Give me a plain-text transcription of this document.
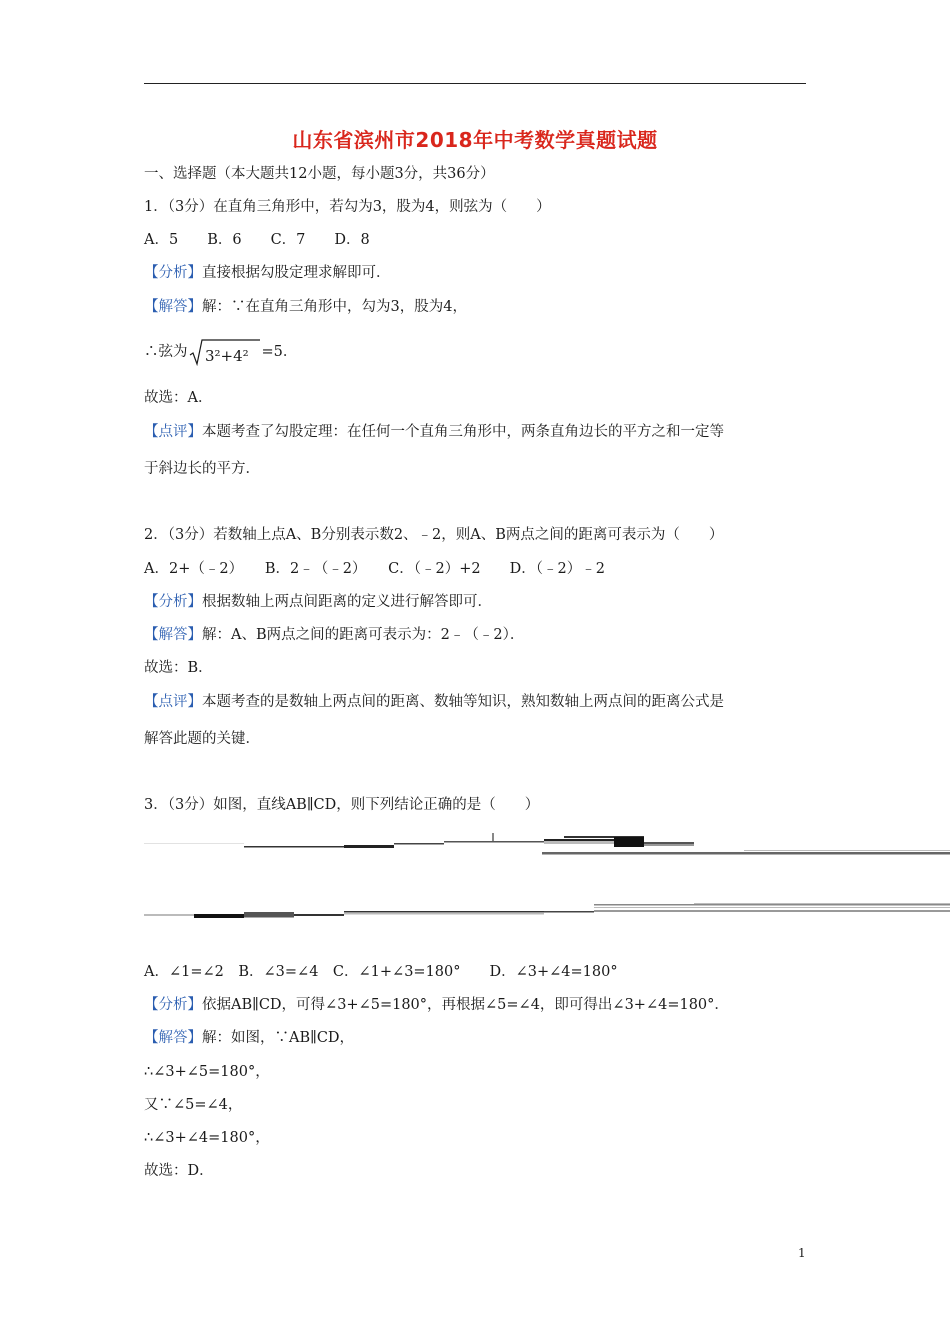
山东省滨州市2018年中考数学真题试题
一、选择题（本大题共12小题，每小题3分，共36分）
1．（3分）在直角三角形中，若勾为3，股为4，则弦为（　　）
A．5　　B．6　　C．7　　D．8
【分析】直接根据勾股定理求解即可．
【解答】解：∵在直角三角形中，勾为3，股为4，
∴弦为 3²+4² =5．
故选：A．
【点评】本题考查了勾股定理：在任何一个直角三角形中，两条直角边长的平方之和一定等
于斜边长的平方．
2．（3分）若数轴上点A、B分别表示数2、﹣2，则A、B两点之间的距离可表示为（　　）
A．2+（﹣2）　　B．2﹣（﹣2）　　C．（﹣2）+2　　D．（﹣2）﹣2
【分析】根据数轴上两点间距离的定义进行解答即可．
【解答】解：A、B两点之间的距离可表示为：2﹣（﹣2）．
故选：B．
【点评】本题考查的是数轴上两点间的距离、数轴等知识，熟知数轴上两点间的距离公式是
解答此题的关键．
3．（3分）如图，直线AB∥CD，则下列结论正确的是（　　）
A．∠1=∠2　B．∠3=∠4　C．∠1+∠3=180°　　D．∠3+∠4=180°
【分析】依据AB∥CD，可得∠3+∠5=180°，再根据∠5=∠4，即可得出∠3+∠4=180°．
【解答】解：如图，∵AB∥CD，
∴∠3+∠5=180°，
又∵∠5=∠4，
∴∠3+∠4=180°，
故选：D．
1
